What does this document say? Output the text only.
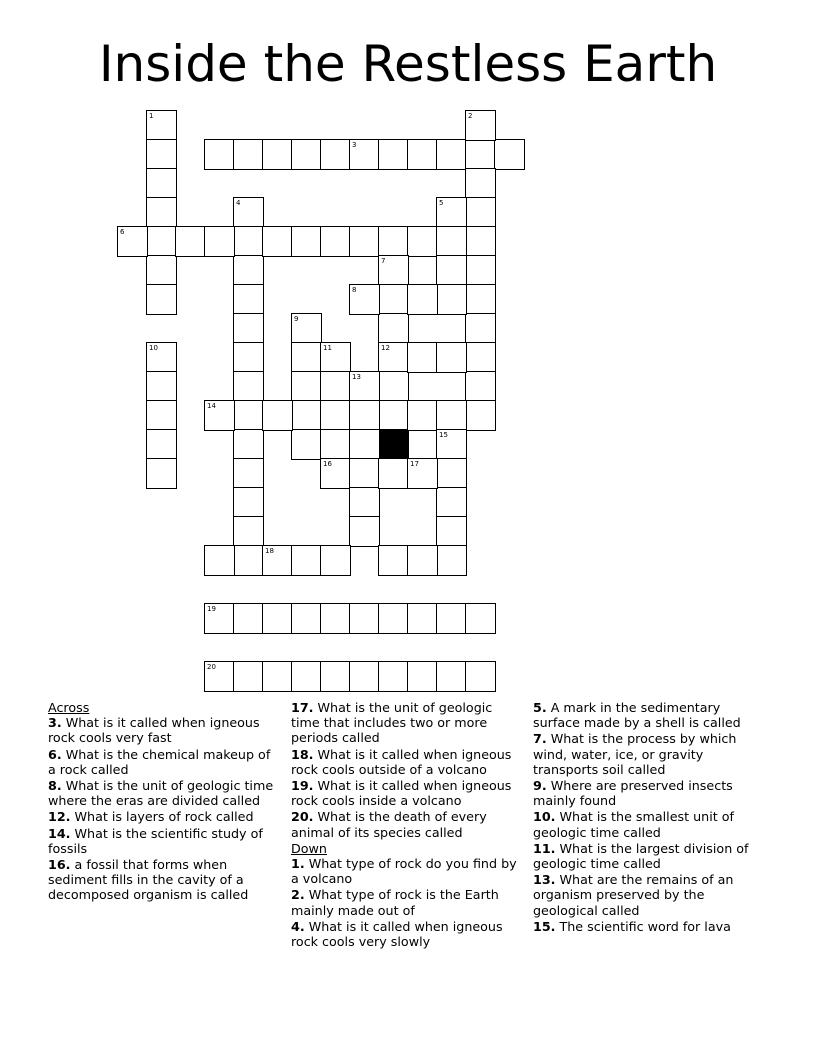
Inside the Restless Earth
1
3
4
6
2
5
7
12
8
9
10	11
16
13
14
15
17
18
19
20
Across
3. What is it called when igneous rock cools very fast
6. What is the chemical makeup of a rock called
8. What is the unit of geologic time where the eras are divided called
12. What is layers of rock called
14. What is the scientific study of fossils
16. a fossil that forms when sediment fills in the cavity of a decomposed organism is called
17. What is the unit of geologic time that includes two or more periods called
18. What is it called when igneous rock cools outside of a volcano
19. What is it called when igneous rock cools inside a volcano
20. What is the death of every animal of its species called
Down
1. What type of rock do you find by a volcano
2. What type of rock is the Earth mainly made out of
4. What is it called when igneous rock cools very slowly
5. A mark in the sedimentary surface made by a shell is called
7. What is the process by which wind, water, ice, or gravity transports soil called
9. Where are preserved insects mainly found
10. What is the smallest unit of geologic time called
11. What is the largest division of geologic time called
13. What are the remains of an organism preserved by the geological called
15. The scientific word for lava
